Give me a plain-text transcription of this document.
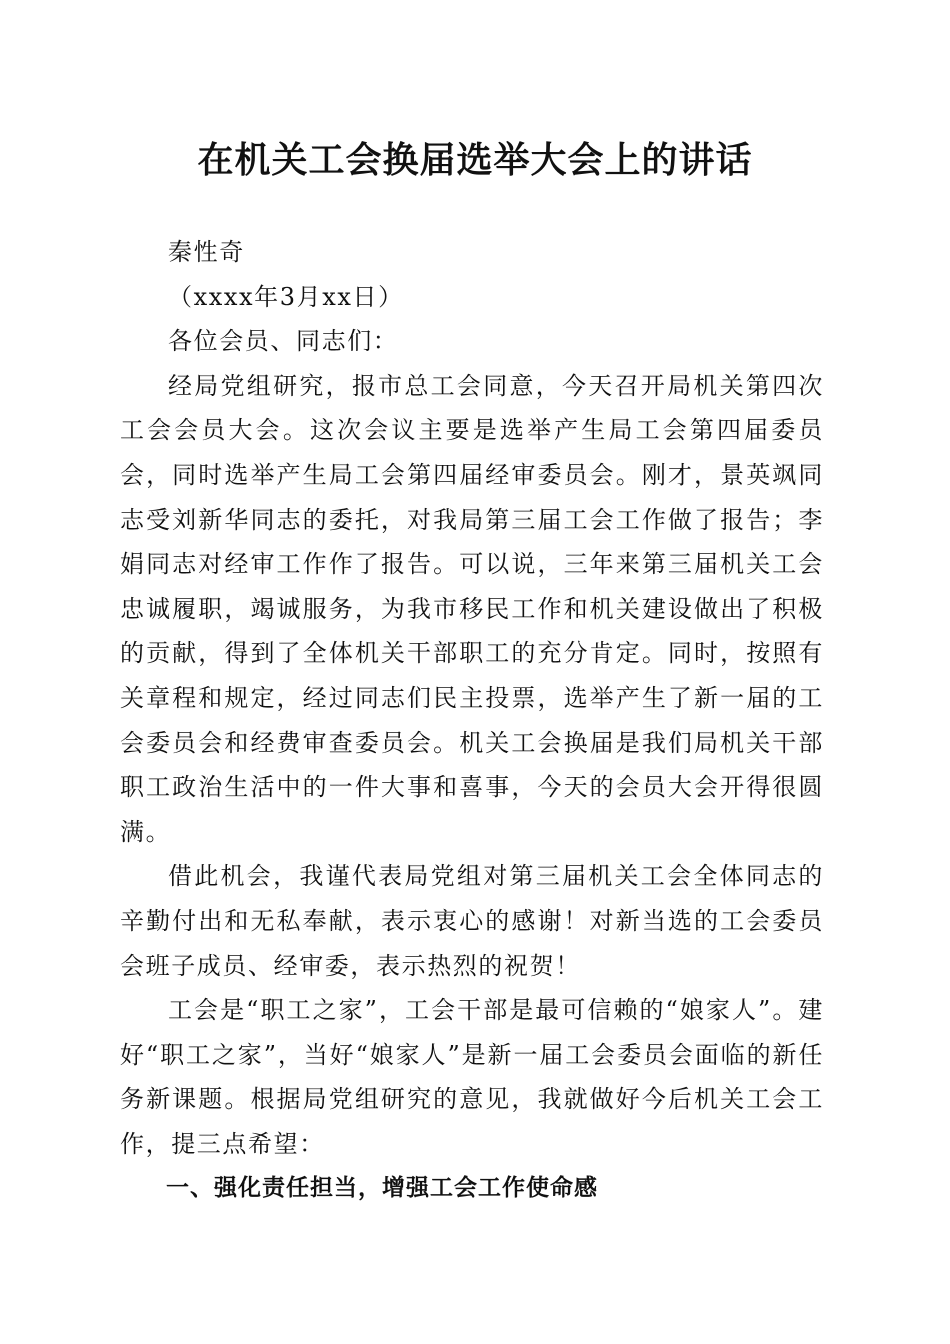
在机关工会换届选举大会上的讲话

秦性奇

（xxxx年3月xx日）

各位会员、同志们：

经局党组研究，报市总工会同意，今天召开局机关第四次工会会员大会。这次会议主要是选举产生局工会第四届委员会，同时选举产生局工会第四届经审委员会。刚才，景英飒同志受刘新华同志的委托，对我局第三届工会工作做了报告；李娟同志对经审工作作了报告。可以说，三年来第三届机关工会忠诚履职，竭诚服务，为我市移民工作和机关建设做出了积极的贡献，得到了全体机关干部职工的充分肯定。同时，按照有关章程和规定，经过同志们民主投票，选举产生了新一届的工会委员会和经费审查委员会。机关工会换届是我们局机关干部职工政治生活中的一件大事和喜事，今天的会员大会开得很圆满。

借此机会，我谨代表局党组对第三届机关工会全体同志的辛勤付出和无私奉献，表示衷心的感谢！对新当选的工会委员会班子成员、经审委，表示热烈的祝贺！

工会是“职工之家”，工会干部是最可信赖的“娘家人”。建好“职工之家”，当好“娘家人”是新一届工会委员会面临的新任务新课题。根据局党组研究的意见，我就做好今后机关工会工作，提三点希望：

一、强化责任担当，增强工会工作使命感
